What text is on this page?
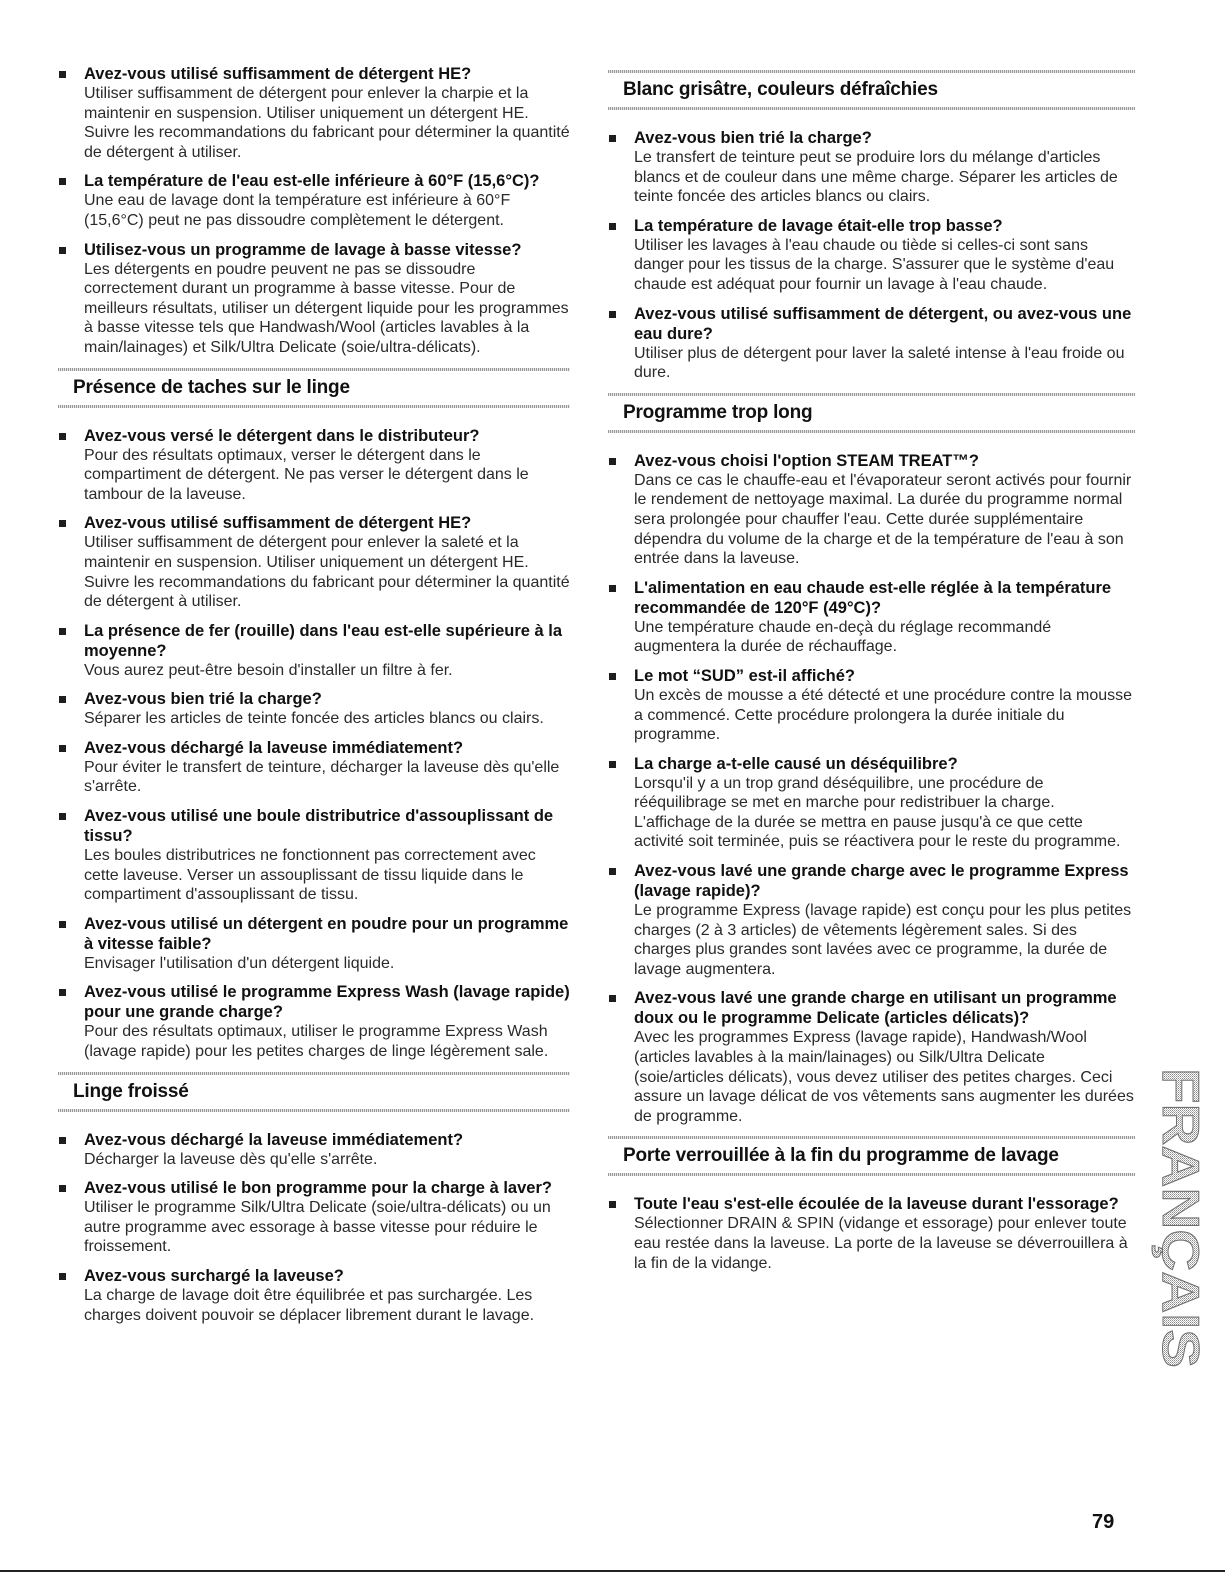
Avez-vous utilisé suffisamment de détergent HE?
Utiliser suffisamment de détergent pour enlever la charpie et la maintenir en suspension. Utiliser uniquement un détergent HE. Suivre les recommandations du fabricant pour déterminer la quantité de détergent à utiliser.
La température de l'eau est-elle inférieure à 60°F (15,6°C)?
Une eau de lavage dont la température est inférieure à 60°F (15,6°C) peut ne pas dissoudre complètement le détergent.
Utilisez-vous un programme de lavage à basse vitesse?
Les détergents en poudre peuvent ne pas se dissoudre correctement durant un programme à basse vitesse. Pour de meilleurs résultats, utiliser un détergent liquide pour les programmes à basse vitesse tels que Handwash/Wool (articles lavables à la main/lainages) et Silk/Ultra Delicate (soie/ultra-délicats).
Présence de taches sur le linge
Avez-vous versé le détergent dans le distributeur?
Pour des résultats optimaux, verser le détergent dans le compartiment de détergent. Ne pas verser le détergent dans le tambour de la laveuse.
Avez-vous utilisé suffisamment de détergent HE?
Utiliser suffisamment de détergent pour enlever la saleté et la maintenir en suspension. Utiliser uniquement un détergent HE. Suivre les recommandations du fabricant pour déterminer la quantité de détergent à utiliser.
La présence de fer (rouille) dans l'eau est-elle supérieure à la moyenne?
Vous aurez peut-être besoin d'installer un filtre à fer.
Avez-vous bien trié la charge?
Séparer les articles de teinte foncée des articles blancs ou clairs.
Avez-vous déchargé la laveuse immédiatement?
Pour éviter le transfert de teinture, décharger la laveuse dès qu'elle s'arrête.
Avez-vous utilisé une boule distributrice d'assouplissant de tissu?
Les boules distributrices ne fonctionnent pas correctement avec cette laveuse. Verser un assouplissant de tissu liquide dans le compartiment d'assouplissant de tissu.
Avez-vous utilisé un détergent en poudre pour un programme à vitesse faible?
Envisager l'utilisation d'un détergent liquide.
Avez-vous utilisé le programme Express Wash (lavage rapide) pour une grande charge?
Pour des résultats optimaux, utiliser le programme Express Wash (lavage rapide) pour les petites charges de linge légèrement sale.
Linge froissé
Avez-vous déchargé la laveuse immédiatement?
Décharger la laveuse dès qu'elle s'arrête.
Avez-vous utilisé le bon programme pour la charge à laver?
Utiliser le programme Silk/Ultra Delicate (soie/ultra-délicats) ou un autre programme avec essorage à basse vitesse pour réduire le froissement.
Avez-vous surchargé la laveuse?
La charge de lavage doit être équilibrée et pas surchargée. Les charges doivent pouvoir se déplacer librement durant le lavage.
Blanc grisâtre, couleurs défraîchies
Avez-vous bien trié la charge?
Le transfert de teinture peut se produire lors du mélange d'articles blancs et de couleur dans une même charge. Séparer les articles de teinte foncée des articles blancs ou clairs.
La température de lavage était-elle trop basse?
Utiliser les lavages à l'eau chaude ou tiède si celles-ci sont sans danger pour les tissus de la charge. S'assurer que le système d'eau chaude est adéquat pour fournir un lavage à l'eau chaude.
Avez-vous utilisé suffisamment de détergent, ou avez-vous une eau dure?
Utiliser plus de détergent pour laver la saleté intense à l'eau froide ou dure.
Programme trop long
Avez-vous choisi l'option STEAM TREAT™?
Dans ce cas le chauffe-eau et l'évaporateur seront activés pour fournir le rendement de nettoyage maximal. La durée du programme normal sera prolongée pour chauffer l'eau. Cette durée supplémentaire dépendra du volume de la charge et de la température de l'eau à son entrée dans la laveuse.
L'alimentation en eau chaude est-elle réglée à la température recommandée de 120°F (49°C)?
Une température chaude en-deçà du réglage recommandé augmentera la durée de réchauffage.
Le mot “SUD” est-il affiché?
Un excès de mousse a été détecté et une procédure contre la mousse a commencé. Cette procédure prolongera la durée initiale du programme.
La charge a-t-elle causé un déséquilibre?
Lorsqu'il y a un trop grand déséquilibre, une procédure de rééquilibrage se met en marche pour redistribuer la charge. L'affichage de la durée se mettra en pause jusqu'à ce que cette activité soit terminée, puis se réactivera pour le reste du programme.
Avez-vous lavé une grande charge avec le programme Express (lavage rapide)?
Le programme Express (lavage rapide) est conçu pour les plus petites charges (2 à 3 articles) de vêtements légèrement sales. Si des charges plus grandes sont lavées avec ce programme, la durée de lavage augmentera.
Avez-vous lavé une grande charge en utilisant un programme doux ou le programme Delicate (articles délicats)?
Avec les programmes Express (lavage rapide), Handwash/Wool (articles lavables à la main/lainages) ou Silk/Ultra Delicate (soie/articles délicats), vous devez utiliser des petites charges. Ceci assure un lavage délicat de vos vêtements sans augmenter les durées de programme.
Porte verrouillée à la fin du programme de lavage
Toute l'eau s'est-elle écoulée de la laveuse durant l'essorage?
Sélectionner DRAIN & SPIN (vidange et essorage) pour enlever toute eau restée dans la laveuse. La porte de la laveuse se déverrouillera à la fin de la vidange.	FRANÇAIS
79
